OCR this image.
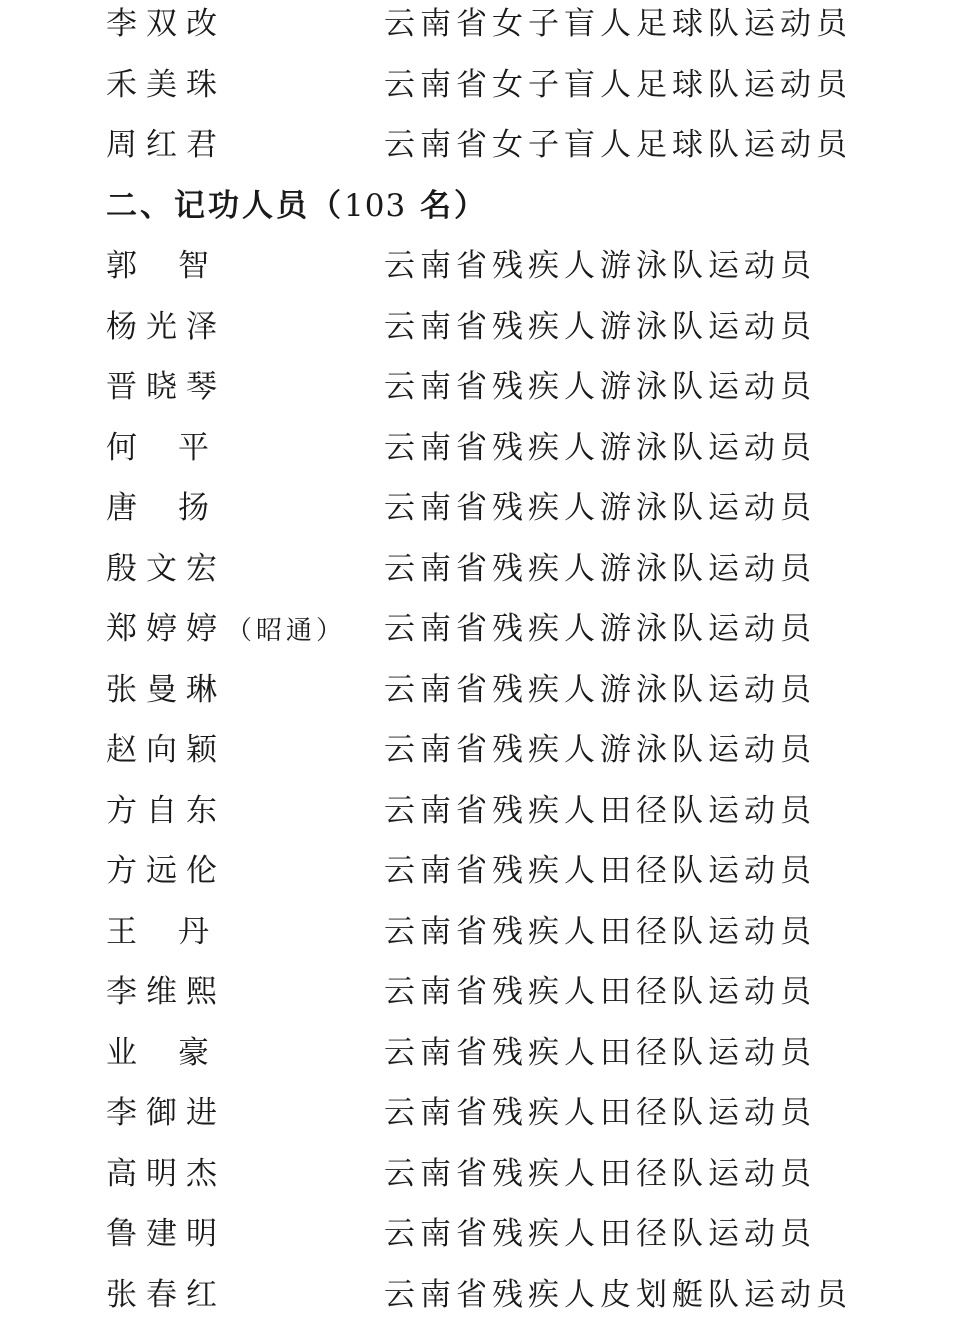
李双改	云南省女子盲人足球队运动员
禾美珠	云南省女子盲人足球队运动员
周红君	云南省女子盲人足球队运动员
二、记功人员（103 名）
郭 智	云南省残疾人游泳队运动员
杨光泽	云南省残疾人游泳队运动员
晋晓琴	云南省残疾人游泳队运动员
何 平	云南省残疾人游泳队运动员
唐 扬	云南省残疾人游泳队运动员
殷文宏	云南省残疾人游泳队运动员
郑婷婷（昭通） 云南省残疾人游泳队运动员
张曼琳	云南省残疾人游泳队运动员
赵向颖	云南省残疾人游泳队运动员
方自东	云南省残疾人田径队运动员
方远伦	云南省残疾人田径队运动员
王 丹	云南省残疾人田径队运动员
李维熙	云南省残疾人田径队运动员
业 豪	云南省残疾人田径队运动员
李御进	云南省残疾人田径队运动员
高明杰	云南省残疾人田径队运动员
鲁建明	云南省残疾人田径队运动员
张春红	云南省残疾人皮划艇队运动员
